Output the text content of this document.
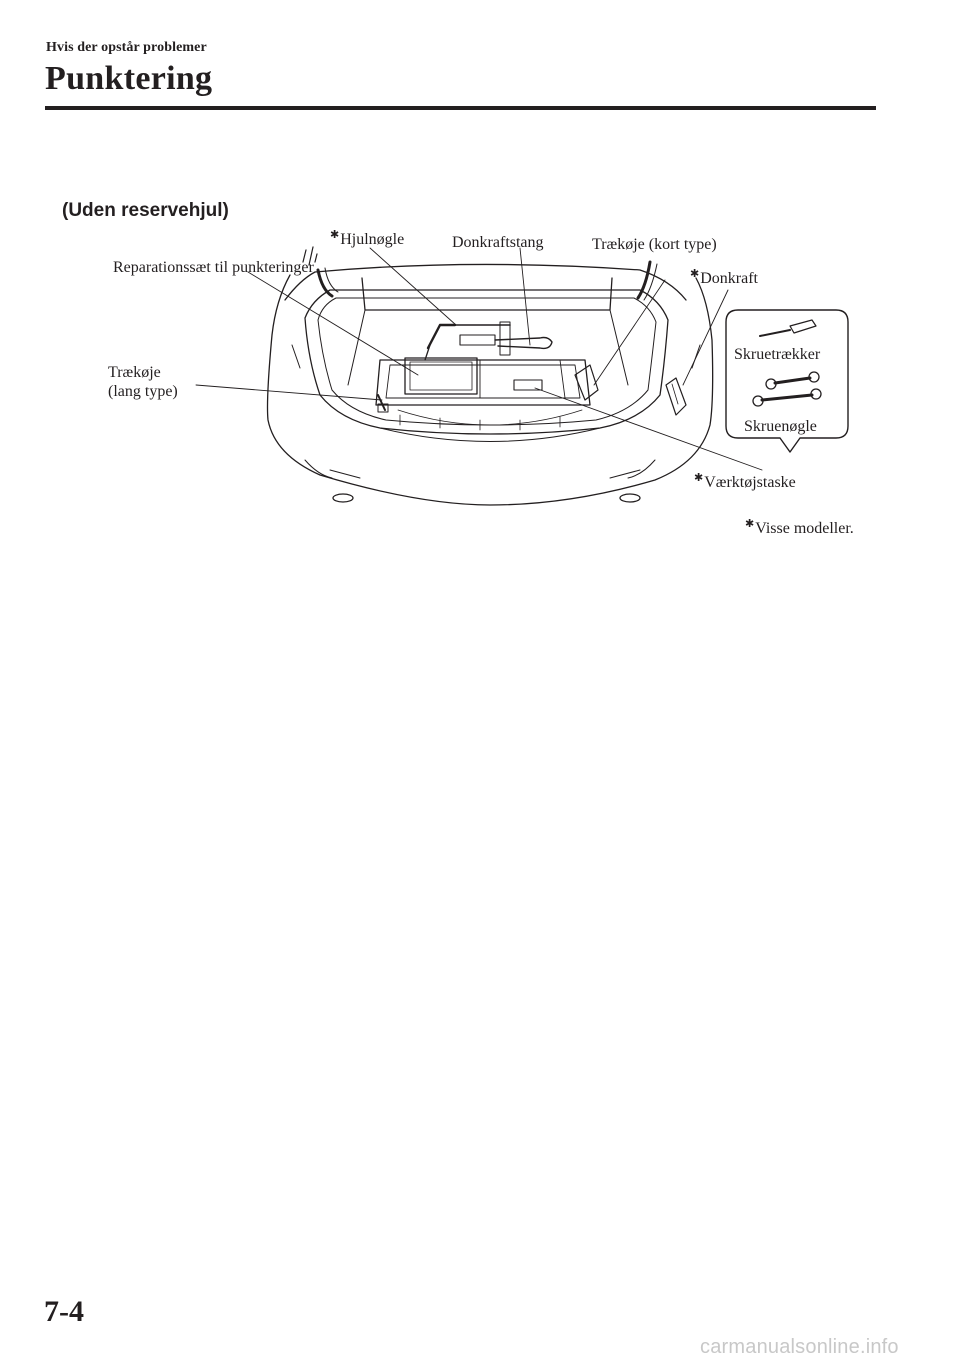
Hvis der opstår problemer
Punktering
(Uden reservehjul)
✱Hjulnøgle	Donkraftstang	Trækøje (kort type)
Reparationssæt til punkteringer	✱Donkraft
Trækøje
(lang type)
Skruetrækker
Skruenøgle
✱Værktøjstaske
✱Visse modeller.
7-4
carmanualsonline.info
